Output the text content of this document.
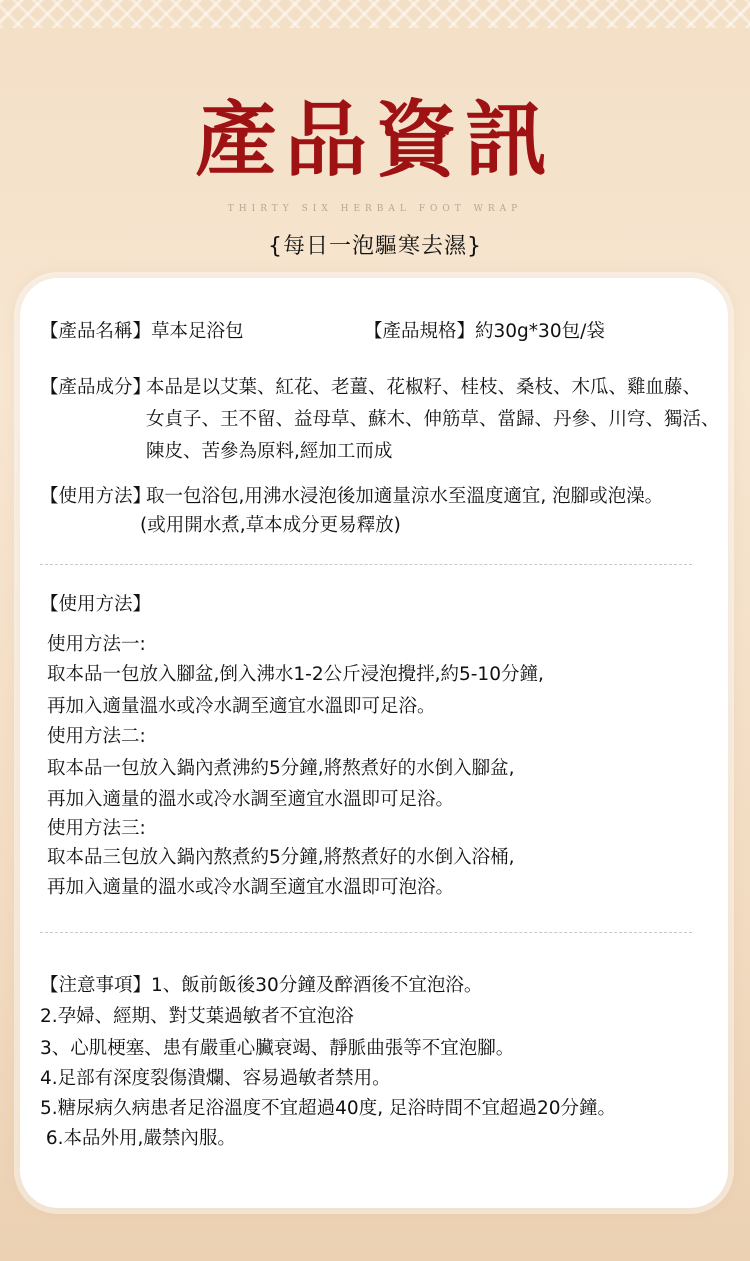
產品資訊
THIRTY SIX HERBAL FOOT WRAP
{每日一泡驅寒去濕}
【產品名稱】草本足浴包	【產品規格】約30g*30包/袋
【產品成分】
本品是以艾葉、紅花、老薑、花椒籽、桂枝、桑枝、木瓜、雞血藤、
女貞子、王不留、益母草、蘇木、伸筋草、當歸、丹參、川穹、獨活、
陳皮、苦參為原料,經加工而成
【使用方法】
取一包浴包,用沸水浸泡後加適量涼水至溫度適宜, 泡腳或泡澡。
(或用開水煮,草本成分更易釋放)
【使用方法】
使用方法一:
取本品一包放入腳盆,倒入沸水1-2公斤浸泡攪拌,約5-10分鐘,
再加入適量溫水或冷水調至適宜水溫即可足浴。
使用方法二:
取本品一包放入鍋內煮沸約5分鐘,將熬煮好的水倒入腳盆,
再加入適量的溫水或冷水調至適宜水溫即可足浴。
使用方法三:
取本品三包放入鍋內熬煮約5分鐘,將熬煮好的水倒入浴桶,
再加入適量的溫水或冷水調至適宜水溫即可泡浴。
【注意事項】1、飯前飯後30分鐘及醉酒後不宜泡浴。
2.孕婦、經期、對艾葉過敏者不宜泡浴
3、心肌梗塞、患有嚴重心臟衰竭、靜脈曲張等不宜泡腳。
4.足部有深度裂傷潰爛、容易過敏者禁用。
5.糖尿病久病患者足浴溫度不宜超過40度, 足浴時間不宜超過20分鐘。
6.本品外用,嚴禁內服。
